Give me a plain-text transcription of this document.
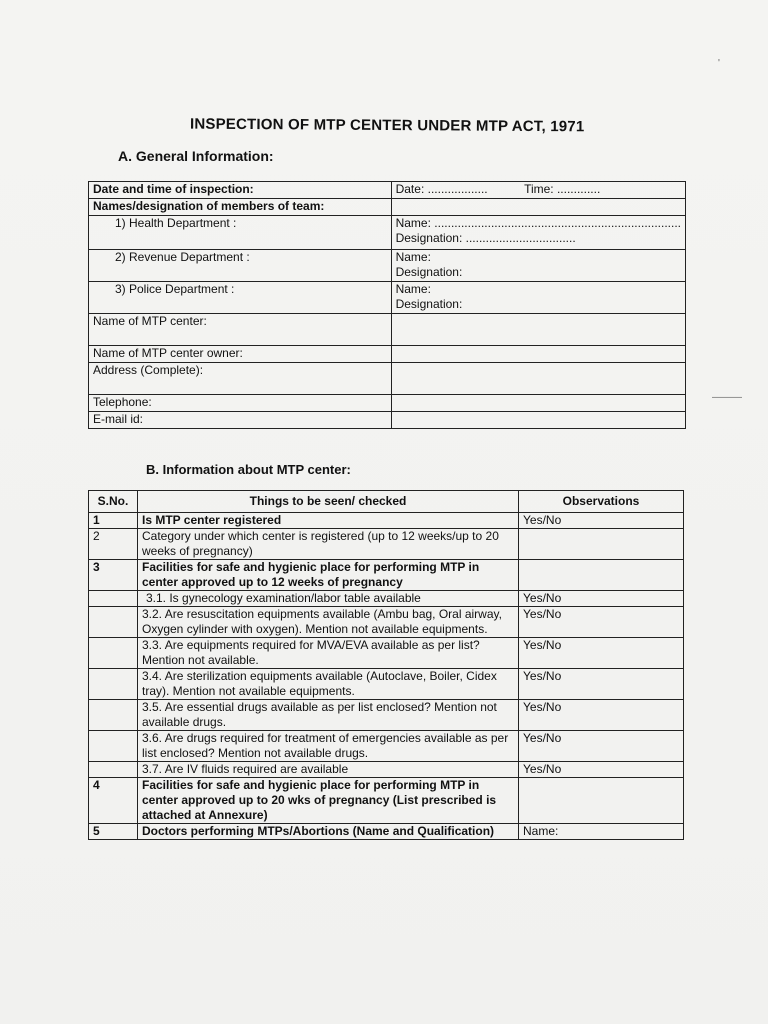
INSPECTION OF MTP CENTER UNDER MTP ACT, 1971
A. General Information:
Date and time of inspection:	Date: ..................           Time: .............
Names/designation of members of team:	
1) Health Department :	Name: ..........................................................................
Designation: .................................
2) Revenue Department :	Name:
Designation:
3) Police Department :	Name:
Designation:
Name of MTP center:	
Name of MTP center owner:	
Address (Complete):	
Telephone:	
E-mail id:	
B. Information about MTP center:
S.No.	Things to be seen/ checked	Observations
1	Is MTP center registered	Yes/No
2	Category under which center is registered (up to 12 weeks/up to 20 weeks of pregnancy)	
3	Facilities for safe and hygienic place for performing MTP in center approved up to 12 weeks of pregnancy	
	3.1. Is gynecology examination/labor table available	Yes/No
	3.2. Are resuscitation equipments available (Ambu bag, Oral airway, Oxygen cylinder with oxygen). Mention not available equipments.	Yes/No
	3.3. Are equipments required for MVA/EVA available as per list? Mention not available.	Yes/No
	3.4. Are sterilization equipments available (Autoclave, Boiler, Cidex tray). Mention not available equipments.	Yes/No
	3.5. Are essential drugs available as per list enclosed? Mention not available drugs.	Yes/No
	3.6. Are drugs required for treatment of emergencies available as per list enclosed? Mention not available drugs.	Yes/No
	3.7. Are IV fluids required are available	Yes/No
4	Facilities for safe and hygienic place for performing MTP in center approved up to 20 wks of pregnancy (List prescribed is attached at Annexure)	
5	Doctors performing MTPs/Abortions (Name and Qualification)	Name:
'
———
